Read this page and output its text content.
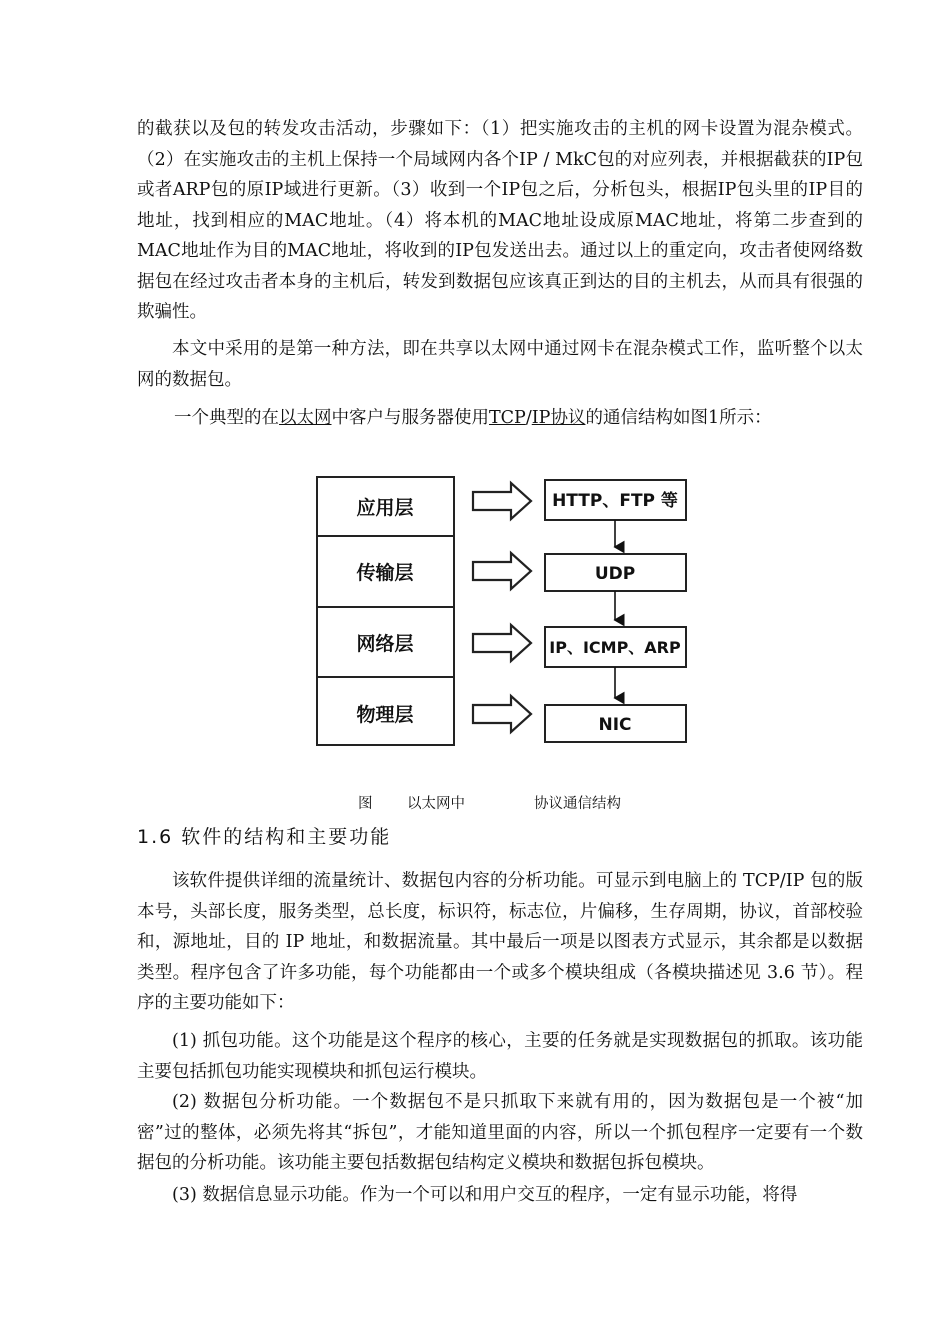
的截获以及包的转发攻击活动，步骤如下：（1）把实施攻击的主机的网卡设置为混杂模式。（2）在实施攻击的主机上保持一个局域网内各个IP / MkC包的对应列表，并根据截获的IP包或者ARP包的原IP域进行更新。（3）收到一个IP包之后，分析包头，根据IP包头里的IP目的地址，找到相应的MAC地址。（4）将本机的MAC地址设成原MAC地址，将第二步查到的MAC地址作为目的MAC地址，将收到的IP包发送出去。通过以上的重定向，攻击者使网络数据包在经过攻击者本身的主机后，转发到数据包应该真正到达的目的主机去，从而具有很强的欺骗性。

本文中采用的是第一种方法，即在共享以太网中通过网卡在混杂模式工作，监听整个以太网的数据包。

一个典型的在以太网中客户与服务器使用TCP/IP协议的通信结构如图1所示：

应用层
传输层
网络层
物理层
HTTP、FTP 等
UDP
IP、ICMP、ARP
NIC
图 以太网中	协议通信结构
1.6 软件的结构和主要功能

该软件提供详细的流量统计、数据包内容的分析功能。可显示到电脑上的 TCP/IP 包的版本号，头部长度，服务类型，总长度，标识符，标志位，片偏移，生存周期，协议，首部校验和，源地址，目的 IP 地址，和数据流量。其中最后一项是以图表方式显示，其余都是以数据类型。程序包含了许多功能，每个功能都由一个或多个模块组成（各模块描述见 3.6 节）。程序的主要功能如下：

(1) 抓包功能。这个功能是这个程序的核心，主要的任务就是实现数据包的抓取。该功能主要包括抓包功能实现模块和抓包运行模块。

(2) 数据包分析功能。一个数据包不是只抓取下来就有用的，因为数据包是一个被“加密”过的整体，必须先将其“拆包”，才能知道里面的内容，所以一个抓包程序一定要有一个数据包的分析功能。该功能主要包括数据包结构定义模块和数据包拆包模块。

(3) 数据信息显示功能。作为一个可以和用户交互的程序，一定有显示功能，将得
